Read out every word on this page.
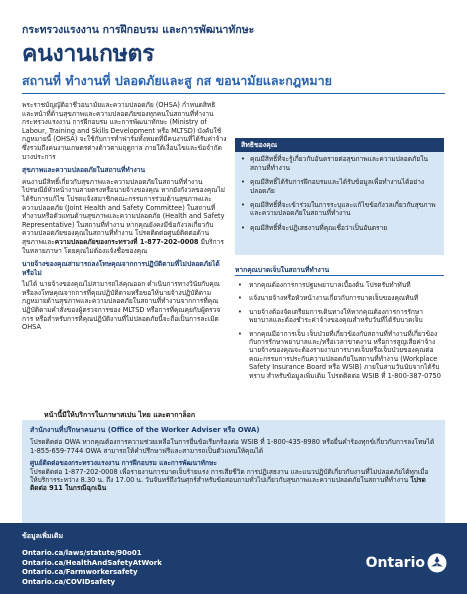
กระทรวงแรงงาน การฝึกอบรม และการพัฒนาทักษะ
คนงานเกษตร
สถานที่ ทำงานที่ ปลอดภัยและสู กส ขอนามัยและกฎหมาย

พระราชบัญญัติอาชีวอนามัยและความปลอดภัย (OHSA) กำหนดสิทธิและหน้าที่ด้านสุขภาพและความปลอดภัยของทุกคนในสถานที่ทำงาน กระทรวงแรงงาน การฝึกอบรม และการพัฒนาทักษะ (Ministry of Labour, Training and Skills Development หรือ MLTSD) บังคับใช้กฎหมายนี้ (OHSA) จะใช้กับการทำฟาร์มทั้งหมดที่มีคนงานที่ได้รับค่าจ้าง ซึ่งรวมถึงคนงานเกษตรต่างด้าวตามฤดูกาล ภายใต้เงื่อนไขและข้อจำกัดบางประการ

สุขภาพและความปลอดภัยในสถานที่ทำงาน

คนงานมีสิทธิ์เกี่ยวกับสุขภาพและความปลอดภัยในสถานที่ทำงาน ไปรษณีย์หัวหน้างานสายตรงหรือนายจ้างของคุณ หากยังกังวลของคุณไม่ได้รับการแก้ไข โปรดแจ้งสมาชิกคณะกรรมการร่วมด้านสุขภาพและความปลอดภัย (Joint Health and Safety Committee) ในสถานที่ทำงานหรือตัวแทนด้านสุขภาพและความปลอดภัย (Health and Safety Representative) ในสถานที่ทำงาน หากคุณยังคงมีข้อกังวลเกี่ยวกับความปลอดภัยของคุณในสถานที่ทำงาน โปรดติดต่อศูนย์ติดต่อด้านสุขภาพและความปลอดภัยของกระทรวงที่ 1-877-202-0008 มีบริการในหลายภาษา โดยคุณไม่ต้องแจ้งชื่อของคุณ

นายจ้างของคุณสามารถลงโทษคุณจากการปฏิบัติตามที่ไม่ปลอดภัยได้หรือไม่

ไม่ได้ นายจ้างของคุณไม่สามารถไล่คุณออก ดำเนินการทางวินัยกับคุณ หรือลงโทษคุณจากการที่คุณปฏิบัติตามหรือขอให้นายจ้างปฏิบัติตามกฎหมายด้านสุขภาพและความปลอดภัยในสถานที่ทำงานจากการที่คุณปฏิบัติตามคำสั่งของผู้ตรวจการของ MLTSD หรือการที่คุณคุยกับผู้ตรวจการ หรือสำหรับการที่คุณปฏิบัติงานที่ไม่ปลอดภัยนี้จะถือเป็นการละเมิด OHSA

สิทธิของคุณ
• คุณมีสิทธิ์ที่จะรู้เกี่ยวกับอันตรายต่อสุขภาพและความปลอดภัยในสถานที่ทำงาน
• คุณมีสิทธิ์ได้รับการฝึกอบรมและได้รับข้อมูลเพื่อทำงานได้อย่างปลอดภัย
• คุณมีสิทธิ์ที่จะเข้าร่วมในการระบุและแก้ไขข้อกังวลเกี่ยวกับสุขภาพและความปลอดภัยในสถานที่ทำงาน
• คุณมีสิทธิ์ที่จะปฏิเสธงานที่คุณเชื่อว่าเป็นอันตราย
หากคุณบาดเจ็บในสถานที่ทำงาน
• หากคุณต้องการการปฐมพยาบาลเบื้องต้น โปรดรับทำทันที
• แจ้งนายจ้างหรือหัวหน้างานเกี่ยวกับการบาดเจ็บของคุณทันที
• นายจ้างต้องจัดเตรียมการเดินทางให้หากคุณต้องการการรักษาพยาบาลและต้องชำระค่าจ้างของคุณสำหรับวันที่ได้รับบาดเจ็บ
• หากคุณมีอาการเจ็บ เจ็บป่วยที่เกี่ยวข้องกับสถานที่ทำงานที่เกี่ยวข้องกับการรักษาพยาบาลและ/หรือเวลาขาดงาน หรือการสูญเสียค่าจ้าง นายจ้างของคุณจะต้องรายงานการบาดเจ็บหรือเจ็บป่วยของคุณต่อคณะกรรมการประกันความปลอดภัยในสถานที่ทำงาน (Workplace Safety Insurance Board หรือ WSIB) ภายในสามวันนับจากได้รับทราบ สำหรับข้อมูลเพิ่มเติม โปรดติดต่อ WSIB ที่ 1-800-387-0750
หน้านี้มีให้บริการในภาษาสเปน ไทย และตากาล็อก
สำนักงานที่ปรึกษาคนงาน (Office of the Worker Adviser หรือ OWA)

โปรดติดต่อ OWA หากคุณต้องการความช่วยเหลือในการยื่นข้อเรียกร้องต่อ WSIB ที่ 1-800-435-8980 หรือยื่นคำร้องทุกข์เกี่ยวกับการลงโทษได้ 1-855-659-7744 OWA สามารถให้คำปรึกษาฟรีและสามารถเป็นตัวแทนให้คุณได้

ศูนย์ติดต่อของกระทรวงแรงงาน การฝึกอบรม และการพัฒนาทักษะ

โปรดติดต่อ 1-877-202-0008 เพื่อรายงานการบาดเจ็บร้ายแรง การเสียชีวิต การปฏิเสธงาน และแนวปฏิบัติเกี่ยวกับงานที่ไม่ปลอดภัยได้ทุกเมื่อ ให้บริการระหว่าง 8.30 น. ถึง 17.00 น. วันจันทร์ถึงวันศุกร์สำหรับข้อสอบถามทั่วไปเกี่ยวกับสุขภาพและความปลอดภัยในสถานที่ทำงาน โปรดติดต่อ 911 ในกรณีฉุกเฉิน

ข้อมูลเพิ่มเติม
Ontario.ca/laws/statute/90o01
Ontario.ca/HealthAndSafetyAtWork
Ontario.ca/Farmworkersafety
Ontario.ca/COVIDsafety
Ontario
